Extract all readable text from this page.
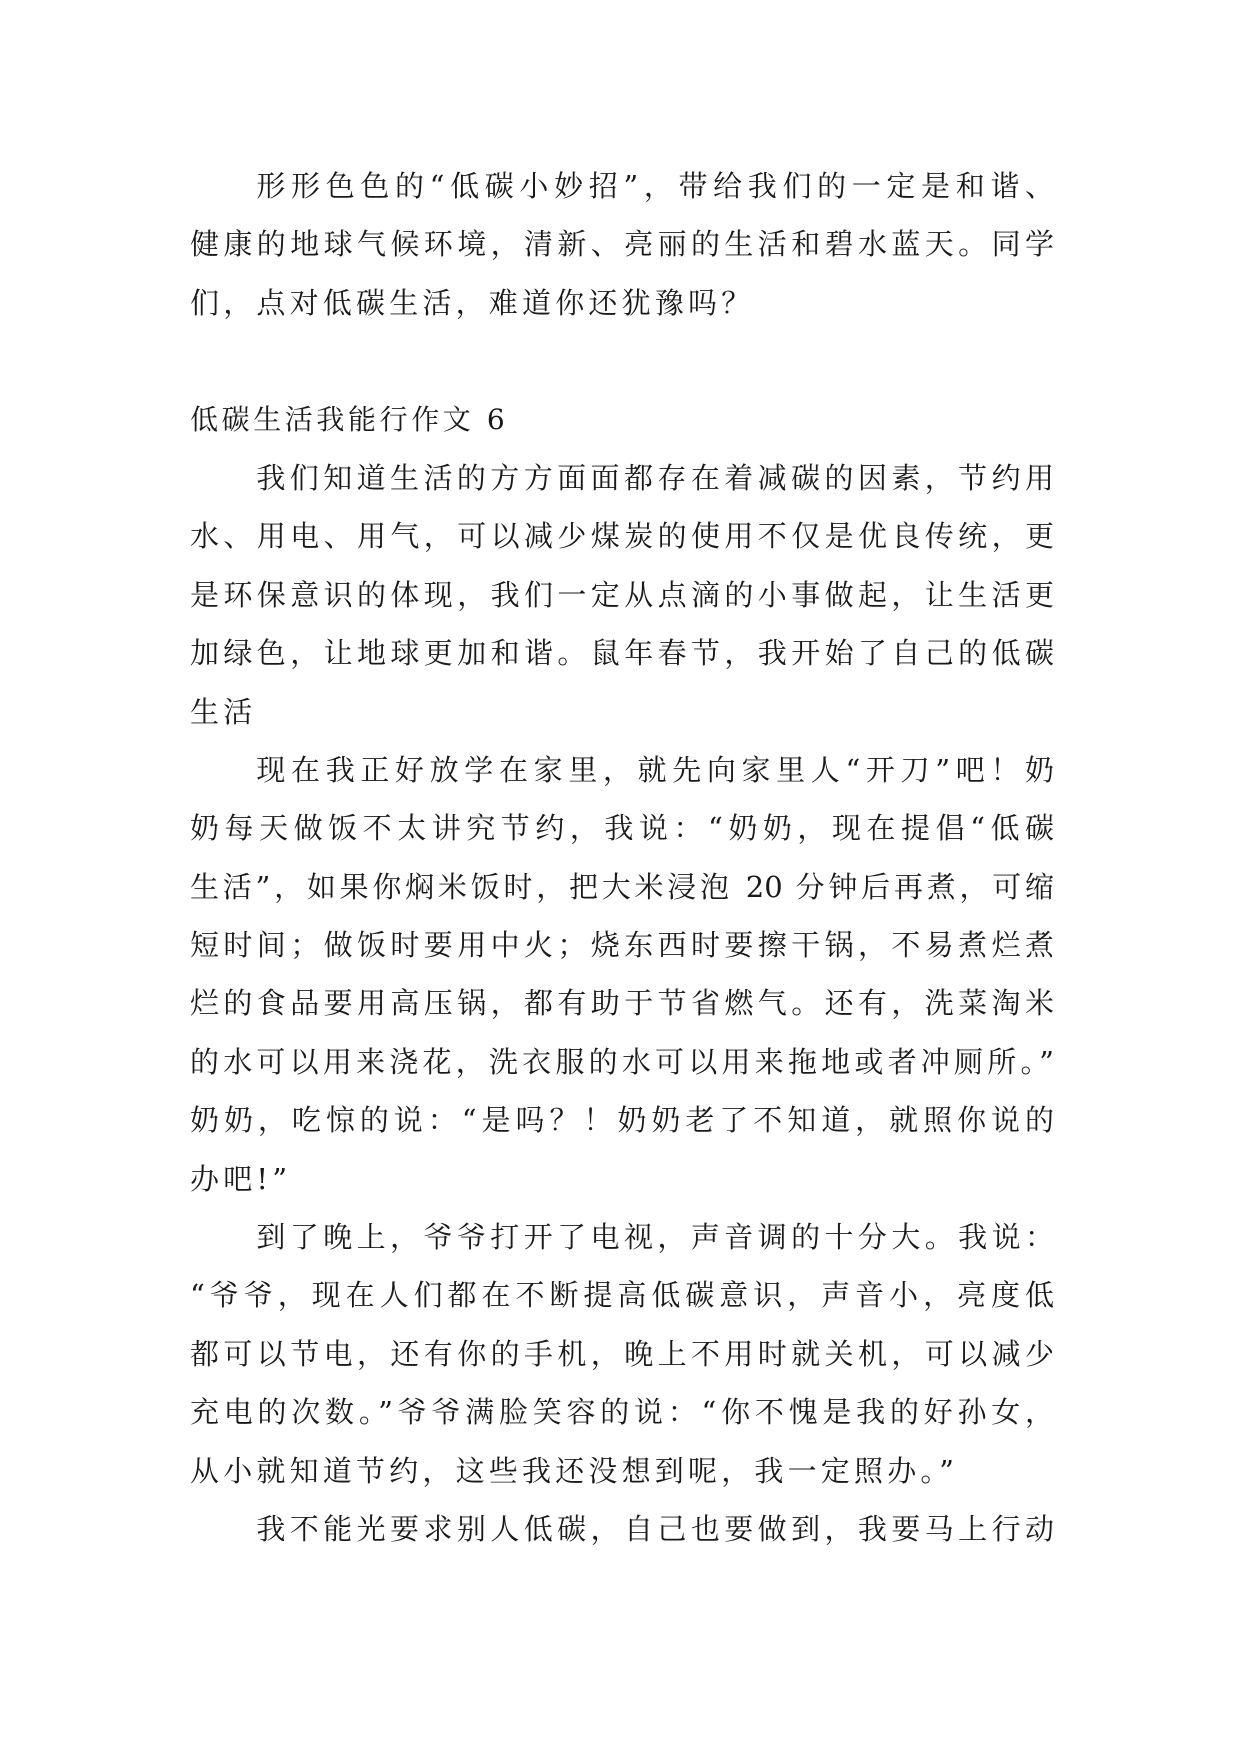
形形色色的“低碳小妙招”，带给我们的一定是和谐、
健康的地球气候环境，清新、亮丽的生活和碧水蓝天。同学
们，点对低碳生活，难道你还犹豫吗？
低碳生活我能行作文 6
我们知道生活的方方面面都存在着减碳的因素，节约用
水、用电、用气，可以减少煤炭的使用不仅是优良传统，更
是环保意识的体现，我们一定从点滴的小事做起，让生活更
加绿色，让地球更加和谐。鼠年春节，我开始了自己的低碳
生活
现在我正好放学在家里，就先向家里人“开刀”吧！奶
奶每天做饭不太讲究节约，我说：“奶奶，现在提倡“低碳
生活”，如果你焖米饭时，把大米浸泡 20 分钟后再煮，可缩
短时间；做饭时要用中火；烧东西时要擦干锅，不易煮烂煮
烂的食品要用高压锅，都有助于节省燃气。还有，洗菜淘米
的水可以用来浇花，洗衣服的水可以用来拖地或者冲厕所。”
奶奶，吃惊的说：“是吗？！奶奶老了不知道，就照你说的
办吧!”
到了晚上，爷爷打开了电视，声音调的十分大。我说：
“爷爷，现在人们都在不断提高低碳意识，声音小，亮度低
都可以节电，还有你的手机，晚上不用时就关机，可以减少
充电的次数。”爷爷满脸笑容的说：“你不愧是我的好孙女，
从小就知道节约，这些我还没想到呢，我一定照办。”
我不能光要求别人低碳，自己也要做到，我要马上行动
